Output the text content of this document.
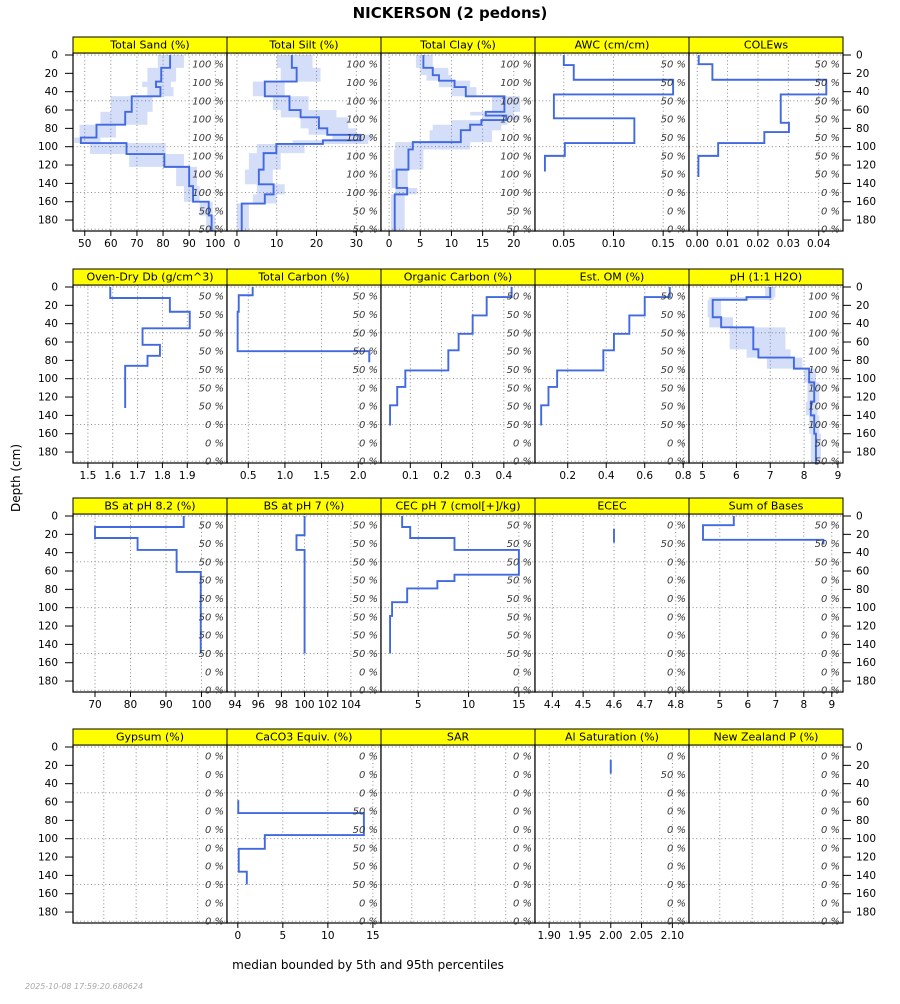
NICKERSON (2 pedons)
Depth (cm)
Total Sand (%)
100 %
100 %
100 %
100 %
100 %
100 %
100 %
100 %
50 %
50 %
50 60 70 80 90 100
Total Silt (%)
100 %
100 %
100 %
100 %
100 %
100 %
100 %
100 %
50 %
50 %
0	10	20	30
Total Clay (%)
100 %
100 %
100 %
100 %
100 %
100 %
100 %
100 %
50 %
50 %
0 5 10 15 20
AWC (cm/cm)
50 %
50 %
50 %
50 %
50 %
50 %
50 %
0 %
0 %
0 %
0.05	0.10	0.15
COLEws
50 %
50 %
50 %
50 %
50 %
50 %
50 %
0 %
0 %
0 %
0.00 0.01 0.02 0.03 0.04
Oven-Dry Db (g/cm^3)
50 %
50 %
50 %
50 %
50 %
50 %
50 %
0 %
0 %
0 %
1.5 1.6 1.7 1.8 1.9
Total Carbon (%)
50 %
50 %
50 %
50 %
50 %
0 %
0 %
0 %
0 %
0 %
0.5 1.0 1.5 2.0
Organic Carbon (%)
50 %
50 %
50 %
50 %
50 %
50 %
50 %
50 %
0 %
0 %
0.1 0.2 0.3 0.4
Est. OM (%)
50 %
50 %
50 %
50 %
50 %
50 %
50 %
50 %
0 %
0 %
0.2 0.4 0.6 0.8
pH (1:1 H2O)
100 %
100 %
100 %
100 %
100 %
100 %
100 %
100 %
50 %
50 %
5	6	7	8	9
BS at pH 8.2 (%)
50 %
50 %
50 %
50 %
50 %
50 %
50 %
50 %
0 %
0 %
70 80 90 100
BS at pH 7 (%)
50 %
50 %
50 %
50 %
50 %
50 %
50 %
50 %
0 %
0 %
94 96 98 100 102 104
CEC pH 7 (cmol[+]/kg)
50 %
50 %
50 %
50 %
50 %
50 %
50 %
50 %
0 %
0 %
5	10	15
ECEC
0 %
50 %
0 %
0 %
0 %
0 %
0 %
0 %
0 %
0 %
4.4 4.5 4.6 4.7 4.8
Sum of Bases
50 %
50 %
50 %
0 %
0 %
0 %
0 %
0 %
0 %
0 %
5 6 7 8 9
Gypsum (%)
0 %
0 %
0 %
0 %
0 %
0 %
0 %
0 %
0 %
0 %
CaCO3 Equiv. (%)
0 %
0 %
0 %
50 %
50 %
50 %
50 %
50 %
0 %
0 %
0	5	10	15
SAR
0 %
0 %
0 %
0 %
0 %
0 %
0 %
0 %
0 %
0 %
Al Saturation (%)
0 %
50 %
0 %
0 %
0 %
0 %
0 %
0 %
0 %
0 %
1.90 1.95 2.00 2.05 2.10
New Zealand P (%)
0 %
0 %
0 %
0 %
0 %
0 %
0 %
0 %
0 %
0 %
0	0
20	20
40	40
60	60
80	80
100	100
120	120
140	140
160	160
180	180
0	0
20	20
40	40
60	60
80	80
100	100
120	120
140	140
160	160
180	180
0	0
20	20
40	40
60	60
80	80
100	100
120	120
140	140
160	160
180	180
0	0
20	20
40	40
60	60
80	80
100	100
120	120
140	140
160	160
180	180
median bounded by 5th and 95th percentiles
2025-10-08 17:59:20.680624
